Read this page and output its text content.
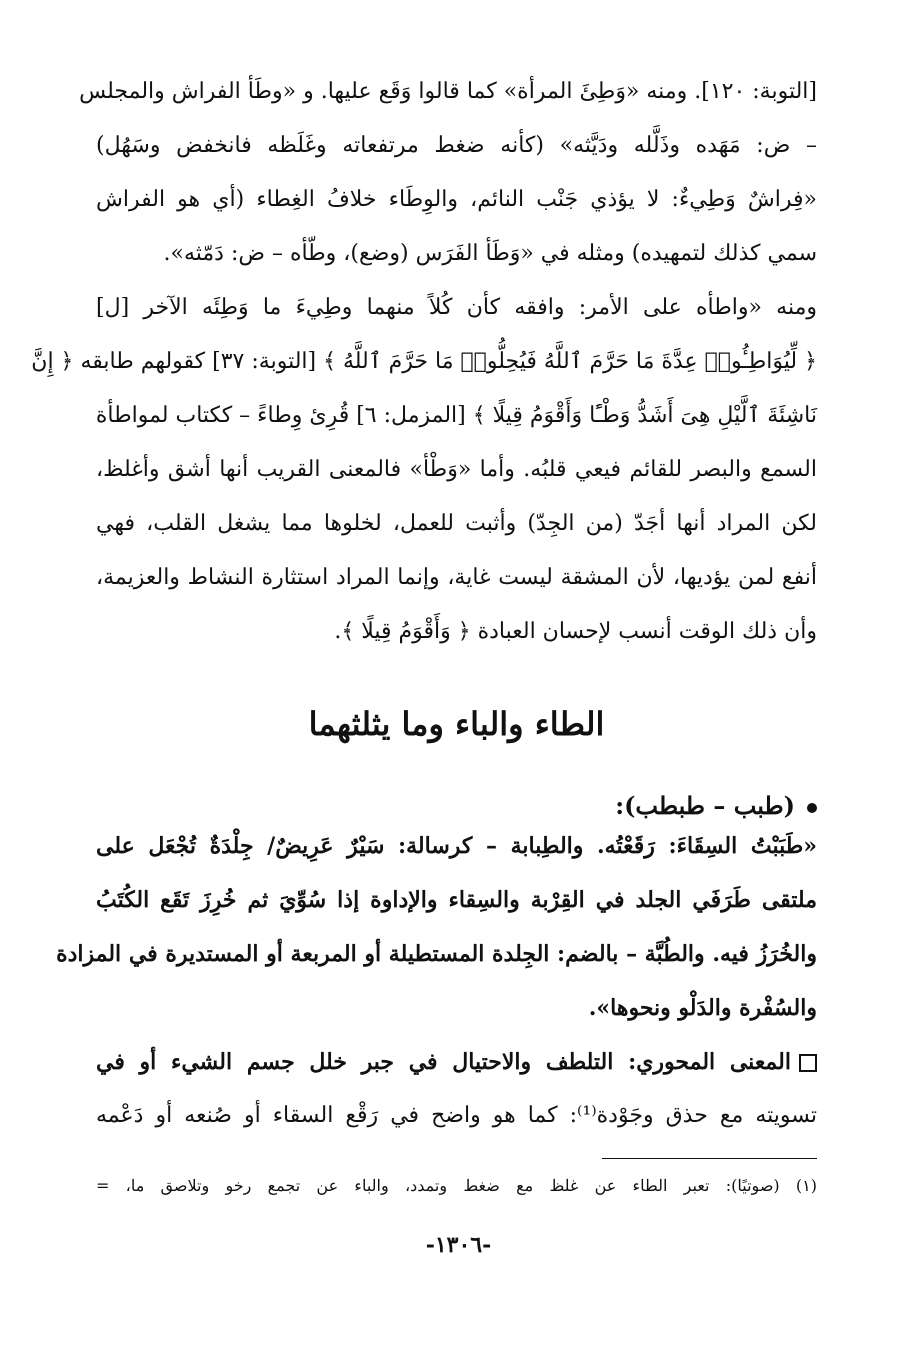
[التوبة: ١٢٠]. ومنه «وَطِئَ المرأة» كما قالوا وَقَع عليها. و «وطَأ الفراش والمجلس
– ض: مَهَده وذَلَّله ودَيَّثه» (كأنه ضغط مرتفعاته وغَلَظه فانخفض وسَهُل)
«فِراشٌ وَطِيءٌ: لا يؤذي جَنْب النائم، والوِطَاء خلافُ الغِطاء (أي هو الفراش
سمي كذلك لتمهيده) ومثله في «وَطَأ الفَرَس (وضع)، وطّأه – ض: دَمّثه».
ومنه «واطأه على الأمر: وافقه كأن كُلاً منهما وطِيءَ ما وَطِئَه الآخر [ل]
﴿ لِّيُوَاطِـُٔوا۟ عِدَّةَ مَا حَرَّمَ ٱللَّهُ فَيُحِلُّوا۟ مَا حَرَّمَ ٱللَّهُ ﴾ [التوبة: ٣٧] كقولهم طابقه ﴿ إِنَّ
نَاشِئَةَ ٱلَّيْلِ هِىَ أَشَدُّ وَطْـًٔا وَأَقْوَمُ قِيلًا ﴾ [المزمل: ٦] قُرِئ وِطاءً – ككتاب لمواطأة
السمع والبصر للقائم فيعي قلبُه. وأما «وَطْأ» فالمعنى القريب أنها أشق وأغلظ،
لكن المراد أنها أجَدّ (من الجِدّ) وأثبت للعمل، لخلوها مما يشغل القلب، فهي
أنفع لمن يؤديها، لأن المشقة ليست غاية، وإنما المراد استثارة النشاط والعزيمة،
وأن ذلك الوقت أنسب لإحسان العبادة ﴿ وَأَقْوَمُ قِيلًا ﴾.
الطاء والباء وما يثلثهما
(طبب – طبطب):
«طَبَبْتُ السِقَاءَ: رَقَعْتُه. والطِبابة – كرسالة: سَيْرٌ عَرِيضٌ/ جِلْدَةٌ تُجْعَل على
ملتقى طَرَفَي الجلد في القِرْبة والسِقاء والإداوة إذا سُوِّيَ ثم خُرِزَ تَقَع الكُتَبُ
والخُرَزُ فيه. والطُبَّة – بالضم: الجِلدة المستطيلة أو المربعة أو المستديرة في المزادة
والسُفْرة والدَلْو ونحوها».
المعنى المحوري: التلطف والاحتيال في جبر خلل جسم الشيء أو في
تسويته مع حذق وجَوْدة⁽¹⁾: كما هو واضح في رَقْع السقاء أو صُنعه أو دَعْمه
(١) (صوتيًا): تعبر الطاء عن غلظ مع ضغط وتمدد، والباء عن تجمع رخو وتلاصق ما، =
-١٣٠٦-
